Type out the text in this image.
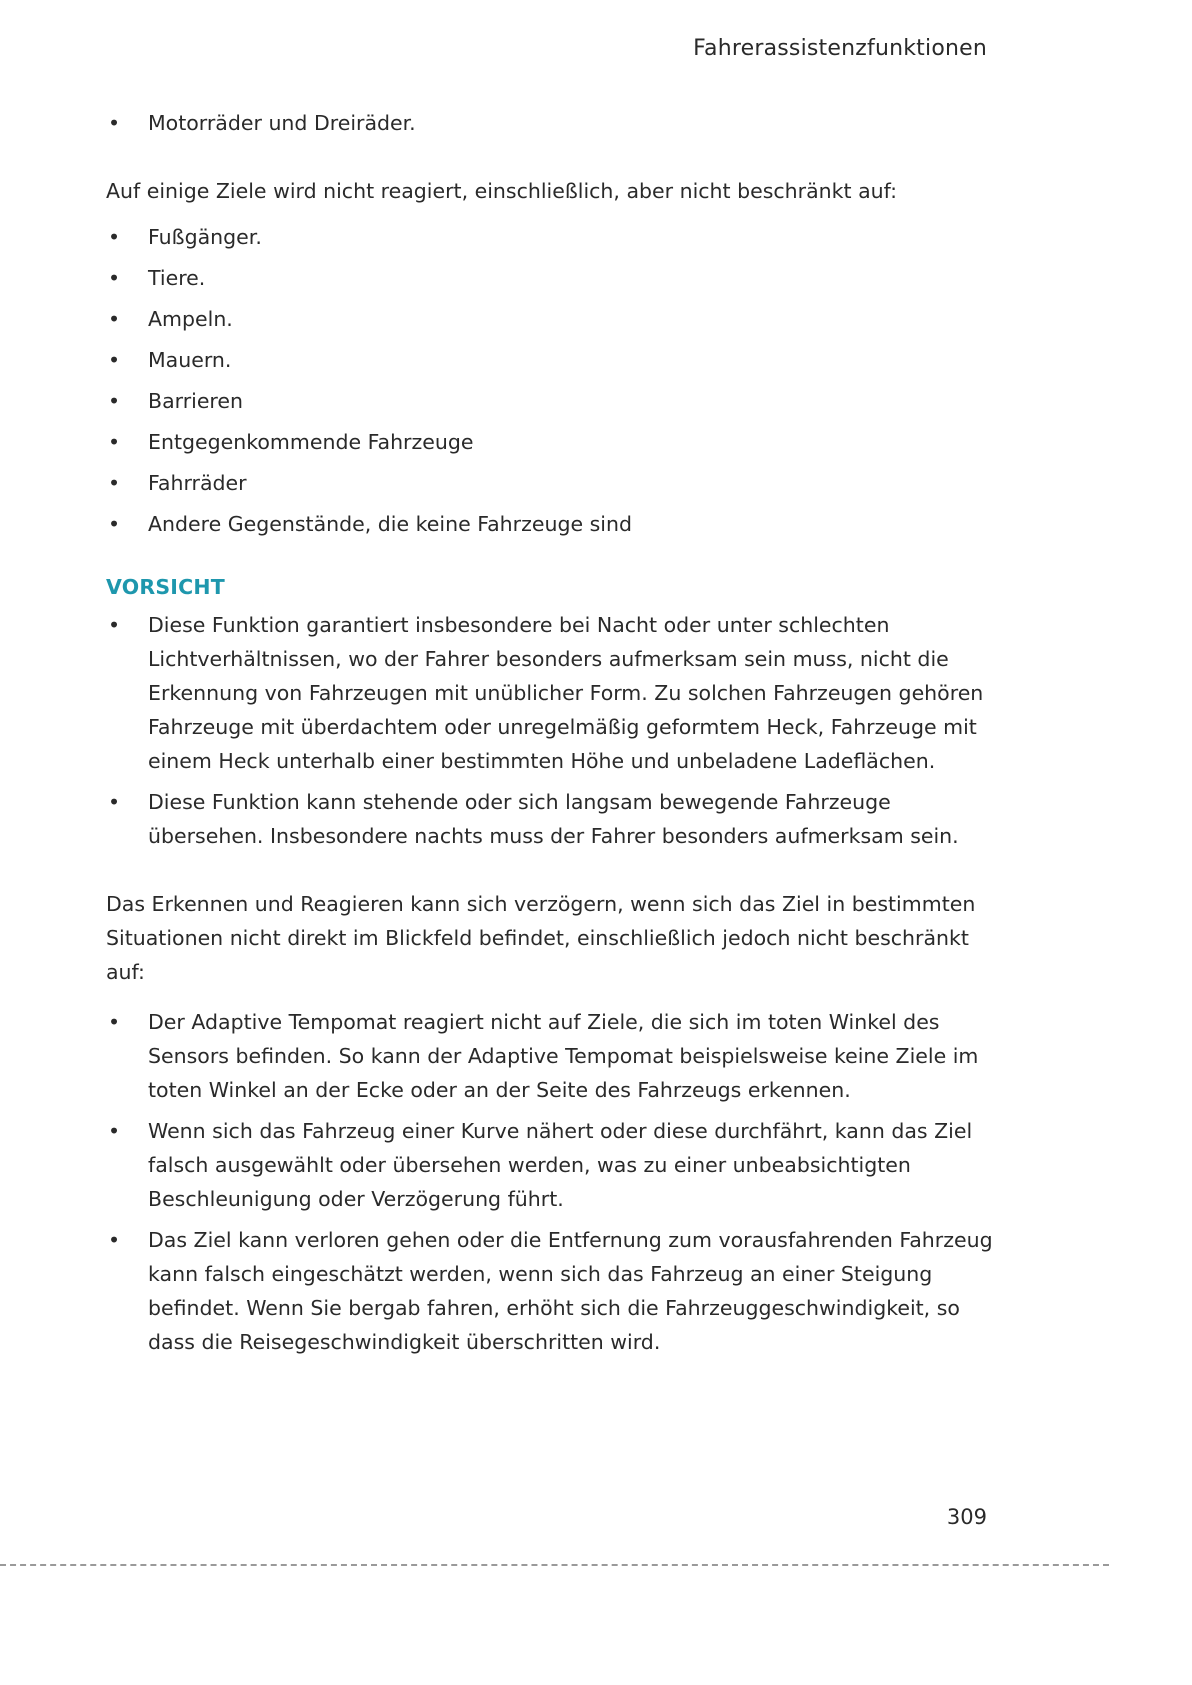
Fahrerassistenzfunktionen
• Motorräder und Dreiräder.

Auf einige Ziele wird nicht reagiert, einschließlich, aber nicht beschränkt auf:

• Fußgänger.
• Tiere.
• Ampeln.
• Mauern.
• Barrieren
• Entgegenkommende Fahrzeuge
• Fahrräder
• Andere Gegenstände, die keine Fahrzeuge sind
VORSICHT
• Diese Funktion garantiert insbesondere bei Nacht oder unter schlechten Lichtverhältnissen, wo der Fahrer besonders aufmerksam sein muss, nicht die Erkennung von Fahrzeugen mit unüblicher Form. Zu solchen Fahrzeugen gehören Fahrzeuge mit überdachtem oder unregelmäßig geformtem Heck, Fahrzeuge mit einem Heck unterhalb einer bestimmten Höhe und unbeladene Ladeflächen.
• Diese Funktion kann stehende oder sich langsam bewegende Fahrzeuge übersehen. Insbesondere nachts muss der Fahrer besonders aufmerksam sein.

Das Erkennen und Reagieren kann sich verzögern, wenn sich das Ziel in bestimmten Situationen nicht direkt im Blickfeld befindet, einschließlich jedoch nicht beschränkt auf:

• Der Adaptive Tempomat reagiert nicht auf Ziele, die sich im toten Winkel des Sensors befinden. So kann der Adaptive Tempomat beispielsweise keine Ziele im toten Winkel an der Ecke oder an der Seite des Fahrzeugs erkennen.
• Wenn sich das Fahrzeug einer Kurve nähert oder diese durchfährt, kann das Ziel falsch ausgewählt oder übersehen werden, was zu einer unbeabsichtigten Beschleunigung oder Verzögerung führt.
• Das Ziel kann verloren gehen oder die Entfernung zum vorausfahrenden Fahrzeug kann falsch eingeschätzt werden, wenn sich das Fahrzeug an einer Steigung befindet. Wenn Sie bergab fahren, erhöht sich die Fahrzeuggeschwindigkeit, so dass die Reisegeschwindigkeit überschritten wird.
309
